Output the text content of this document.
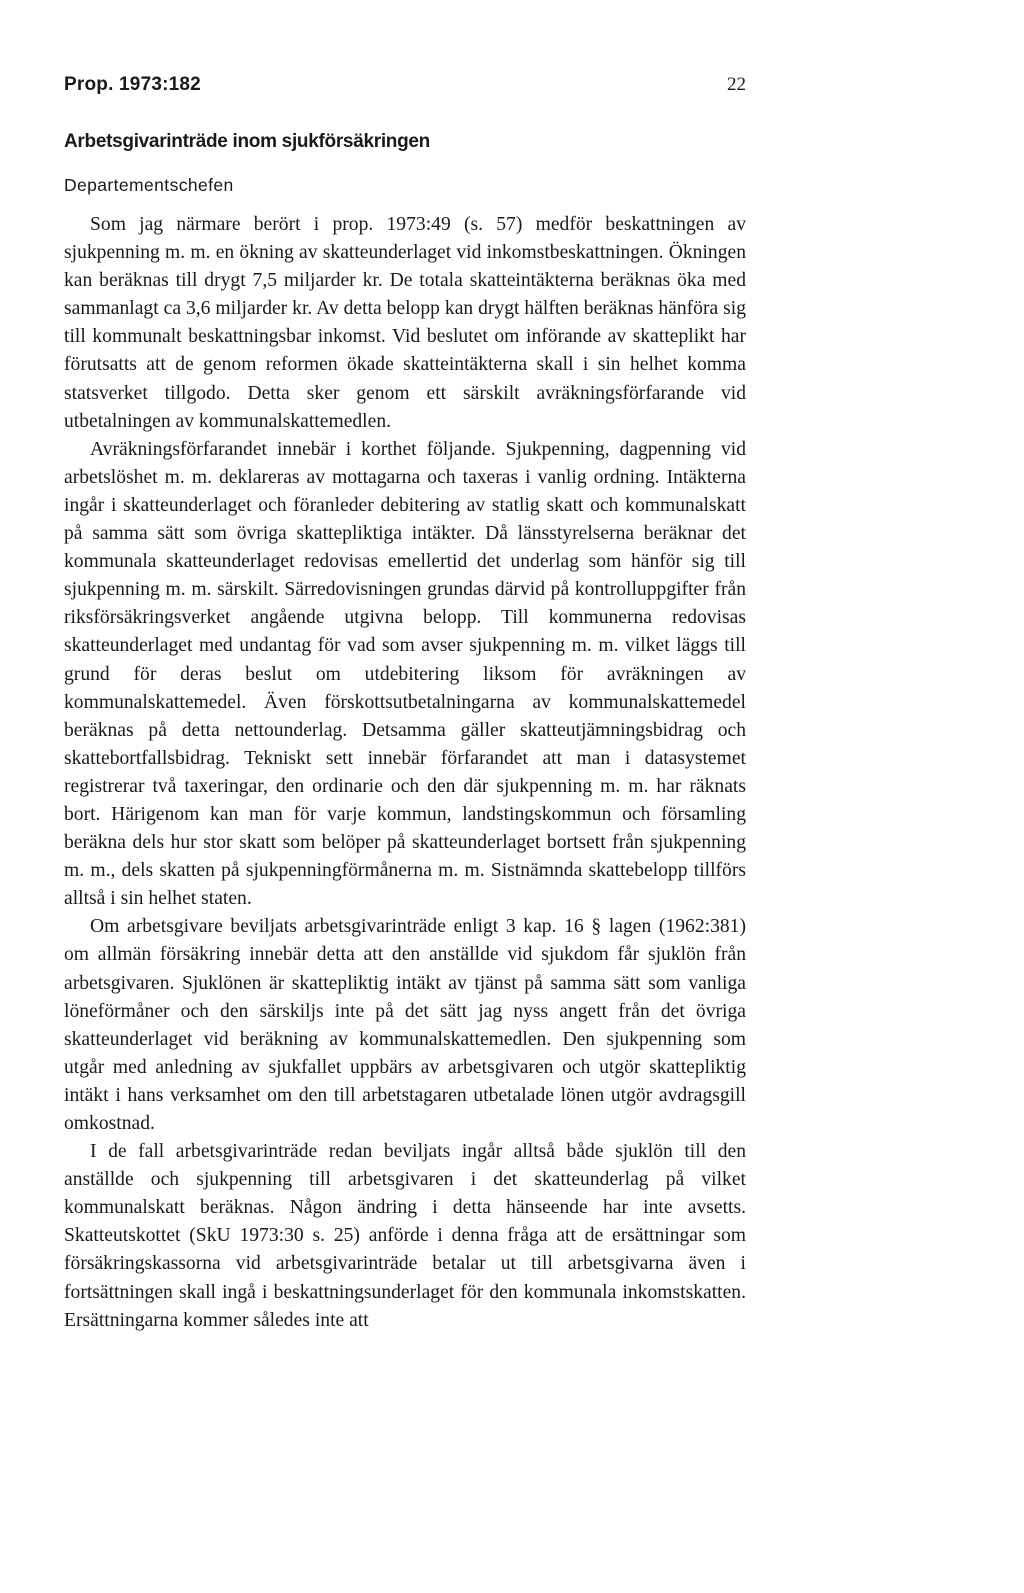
Prop. 1973:182	22
Arbetsgivarinträde inom sjukförsäkringen
Departementschefen

Som jag närmare berört i prop. 1973:49 (s. 57) medför beskattningen av sjukpenning m. m. en ökning av skatteunderlaget vid inkomstbeskattningen. Ökningen kan beräknas till drygt 7,5 miljarder kr. De totala skatteintäkterna beräknas öka med sammanlagt ca 3,6 miljarder kr. Av detta belopp kan drygt hälften beräknas hänföra sig till kommunalt beskattningsbar inkomst. Vid beslutet om införande av skatteplikt har förutsatts att de genom reformen ökade skatteintäkterna skall i sin helhet komma statsverket tillgodo. Detta sker genom ett särskilt avräkningsförfarande vid utbetalningen av kommunalskattemedlen.

Avräkningsförfarandet innebär i korthet följande. Sjukpenning, dagpenning vid arbetslöshet m. m. deklareras av mottagarna och taxeras i vanlig ordning. Intäkterna ingår i skatteunderlaget och föranleder debitering av statlig skatt och kommunalskatt på samma sätt som övriga skattepliktiga intäkter. Då länsstyrelserna beräknar det kommunala skatteunderlaget redovisas emellertid det underlag som hänför sig till sjukpenning m. m. särskilt. Särredovisningen grundas därvid på kontrolluppgifter från riksförsäkringsverket angående utgivna belopp. Till kommunerna redovisas skatteunderlaget med undantag för vad som avser sjukpenning m. m. vilket läggs till grund för deras beslut om utdebitering liksom för avräkningen av kommunalskattemedel. Även förskottsutbetalningarna av kommunalskattemedel beräknas på detta nettounderlag. Detsamma gäller skatteutjämningsbidrag och skattebortfallsbidrag. Tekniskt sett innebär förfarandet att man i datasystemet registrerar två taxeringar, den ordinarie och den där sjukpenning m. m. har räknats bort. Härigenom kan man för varje kommun, landstingskommun och församling beräkna dels hur stor skatt som belöper på skatteunderlaget bortsett från sjukpenning m. m., dels skatten på sjukpenningförmånerna m. m. Sistnämnda skattebelopp tillförs alltså i sin helhet staten.

Om arbetsgivare beviljats arbetsgivarinträde enligt 3 kap. 16 § lagen (1962:381) om allmän försäkring innebär detta att den anställde vid sjukdom får sjuklön från arbetsgivaren. Sjuklönen är skattepliktig intäkt av tjänst på samma sätt som vanliga löneförmåner och den särskiljs inte på det sätt jag nyss angett från det övriga skatteunderlaget vid beräkning av kommunalskattemedlen. Den sjukpenning som utgår med anledning av sjukfallet uppbärs av arbetsgivaren och utgör skattepliktig intäkt i hans verksamhet om den till arbetstagaren utbetalade lönen utgör avdragsgill omkostnad.

I de fall arbetsgivarinträde redan beviljats ingår alltså både sjuklön till den anställde och sjukpenning till arbetsgivaren i det skatteunderlag på vilket kommunalskatt beräknas. Någon ändring i detta hänseende har inte avsetts. Skatteutskottet (SkU 1973:30 s. 25) anförde i denna fråga att de ersättningar som försäkringskassorna vid arbetsgivarinträde betalar ut till arbetsgivarna även i fortsättningen skall ingå i beskattningsunderlaget för den kommunala inkomstskatten. Ersättningarna kommer således inte att
